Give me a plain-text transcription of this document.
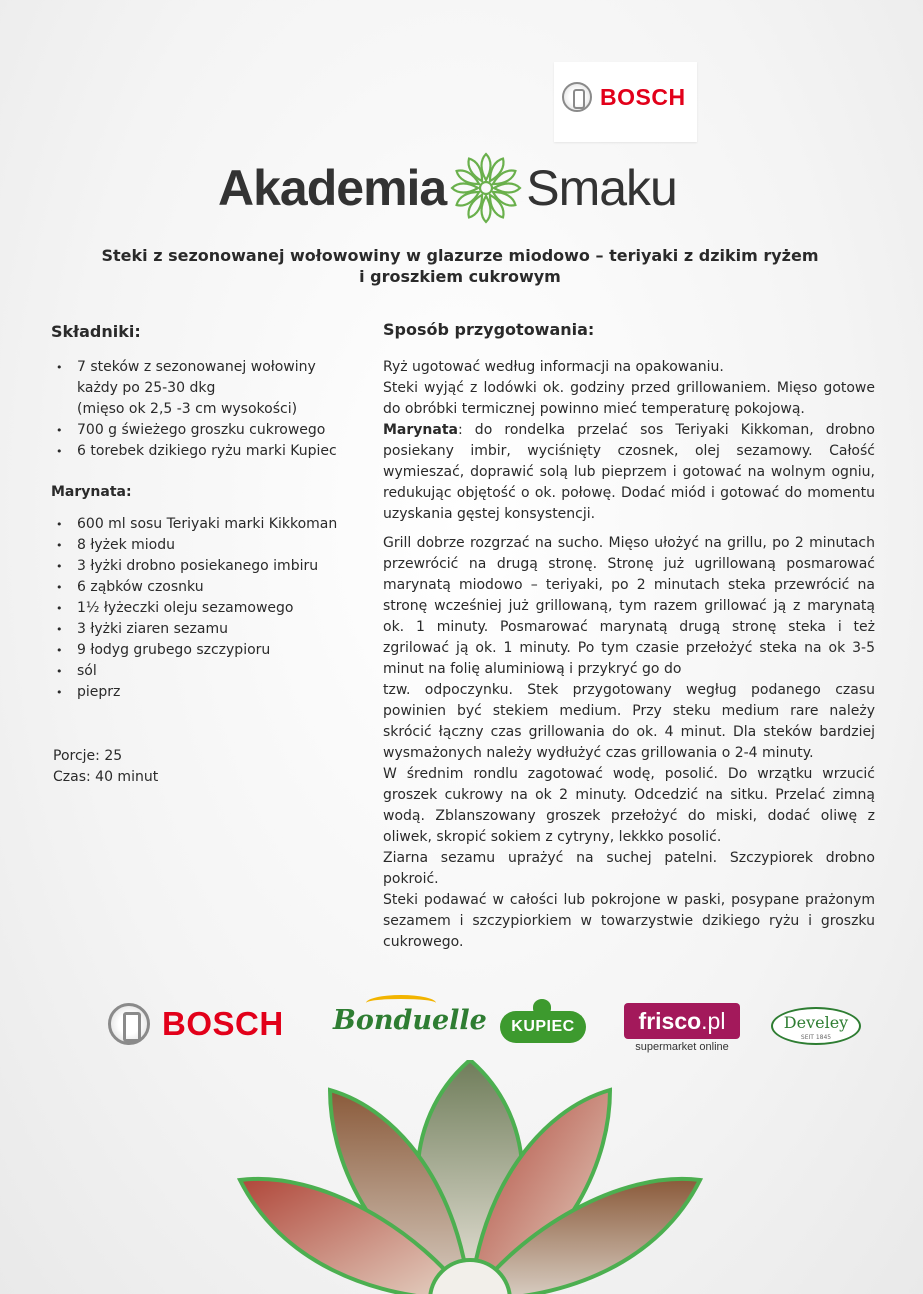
BOSCH
Akademia Smaku
Steki z sezonowanej wołowowiny w glazurze miodowo – teriyaki z dzikim ryżem
i groszkiem cukrowym
Składniki:
• 7 steków z sezonowanej wołowiny
każdy po 25-30 dkg
(mięso ok 2,5 -3 cm wysokości)
• 700 g świeżego groszku cukrowego
• 6 torebek dzikiego ryżu marki Kupiec
Marynata:
• 600 ml sosu Teriyaki marki Kikkoman
• 8 łyżek miodu
• 3 łyżki drobno posiekanego imbiru
• 6 ząbków czosnku
• 1½ łyżeczki oleju sezamowego
• 3 łyżki ziaren sezamu
• 9 łodyg grubego szczypioru
• sól
• pieprz
Porcje: 25
Czas: 40 minut
Sposób przygotowania:

Ryż ugotować według informacji na opakowaniu.

Steki wyjąć z lodówki ok. godziny przed grillowaniem. Mięso gotowe do obróbki termicznej powinno mieć temperaturę pokojową.

Marynata: do rondelka przelać sos Teriyaki Kikkoman, drobno posiekany imbir, wyciśnięty czosnek, olej sezamowy. Całość wymieszać, doprawić solą lub pieprzem i gotować na wolnym ogniu, redukując objętość o ok. połowę. Dodać miód i gotować do momentu uzyskania gęstej konsystencji.

Grill dobrze rozgrzać na sucho. Mięso ułożyć na grillu, po 2 minutach przewrócić na drugą stronę. Stronę już ugrillowaną posmarować marynatą miodowo – teriyaki, po 2 minutach steka przewrócić na stronę wcześniej już grillowaną, tym razem grillować ją z marynatą ok. 1 minuty. Posmarować marynatą drugą stronę steka i też zgrilować ją ok. 1 minuty. Po tym czasie przełożyć steka na ok 3-5 minut na folię aluminiową i przykryć go do

tzw. odpoczynku. Stek przygotowany wegług podanego czasu powinien być stekiem medium. Przy steku medium rare należy skrócić łączny czas grillowania do ok. 4 minut. Dla steków bardziej wysmażonych należy wydłużyć czas grillowania o 2-4 minuty.

W średnim rondlu zagotować wodę, posolić. Do wrzątku wrzucić groszek cukrowy na ok 2 minuty. Odcedzić na sitku. Przelać zimną wodą. Zblanszowany groszek przełożyć do miski, dodać oliwę z oliwek, skropić sokiem z cytryny, lekkko posolić.

Ziarna sezamu uprażyć na suchej patelni. Szczypiorek drobno pokroić.

Steki podawać w całości lub pokrojone w paski, posypane prażonym sezamem i szczypiorkiem w towarzystwie dzikiego ryżu i groszku cukrowego.

BOSCH Bonduelle	KUPIEC	frisco.pl
supermarket online
Develey
SEIT 1845
